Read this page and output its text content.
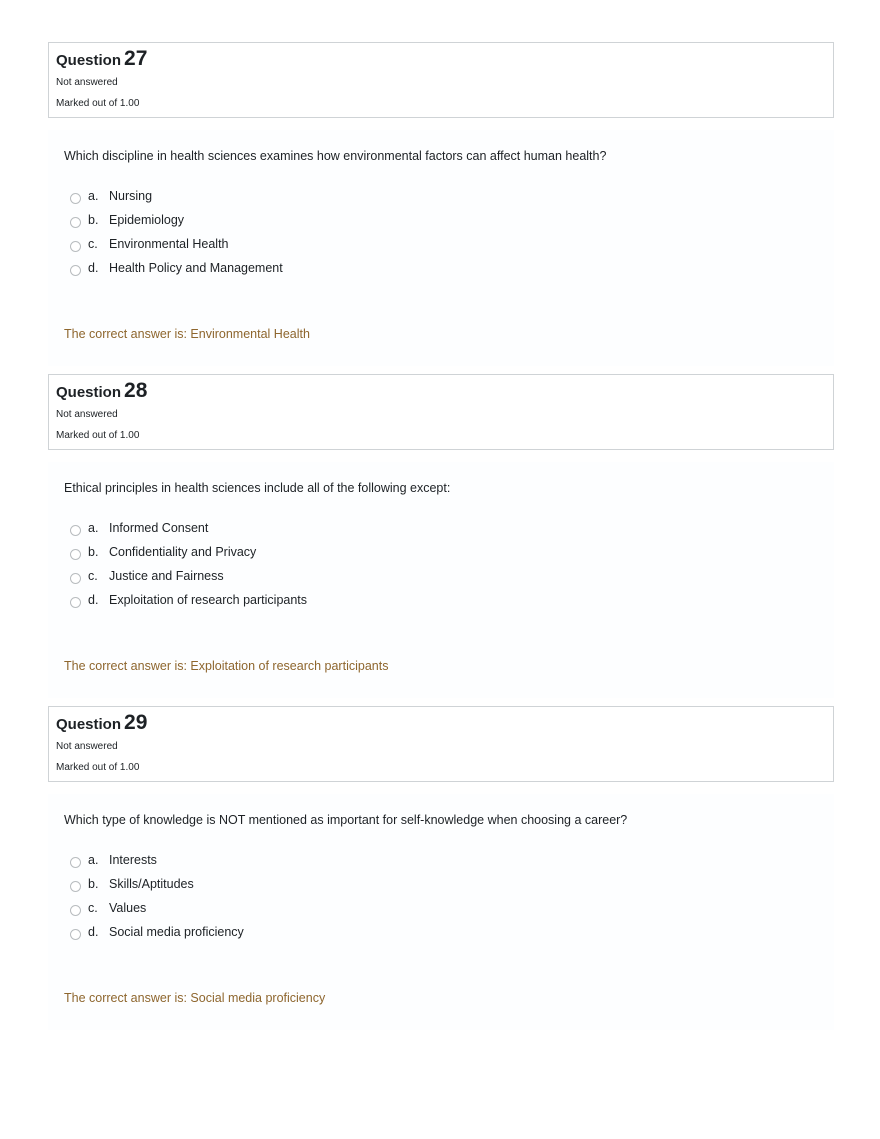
Question 27
Not answered
Marked out of 1.00
Which discipline in health sciences examines how environmental factors can affect human health?
a. Nursing
b. Epidemiology
c. Environmental Health
d. Health Policy and Management
The correct answer is: Environmental Health
Question 28
Not answered
Marked out of 1.00
Ethical principles in health sciences include all of the following except:
a. Informed Consent
b. Confidentiality and Privacy
c. Justice and Fairness
d. Exploitation of research participants
The correct answer is: Exploitation of research participants
Question 29
Not answered
Marked out of 1.00
Which type of knowledge is NOT mentioned as important for self-knowledge when choosing a career?
a. Interests
b. Skills/Aptitudes
c. Values
d. Social media proficiency
The correct answer is: Social media proficiency
